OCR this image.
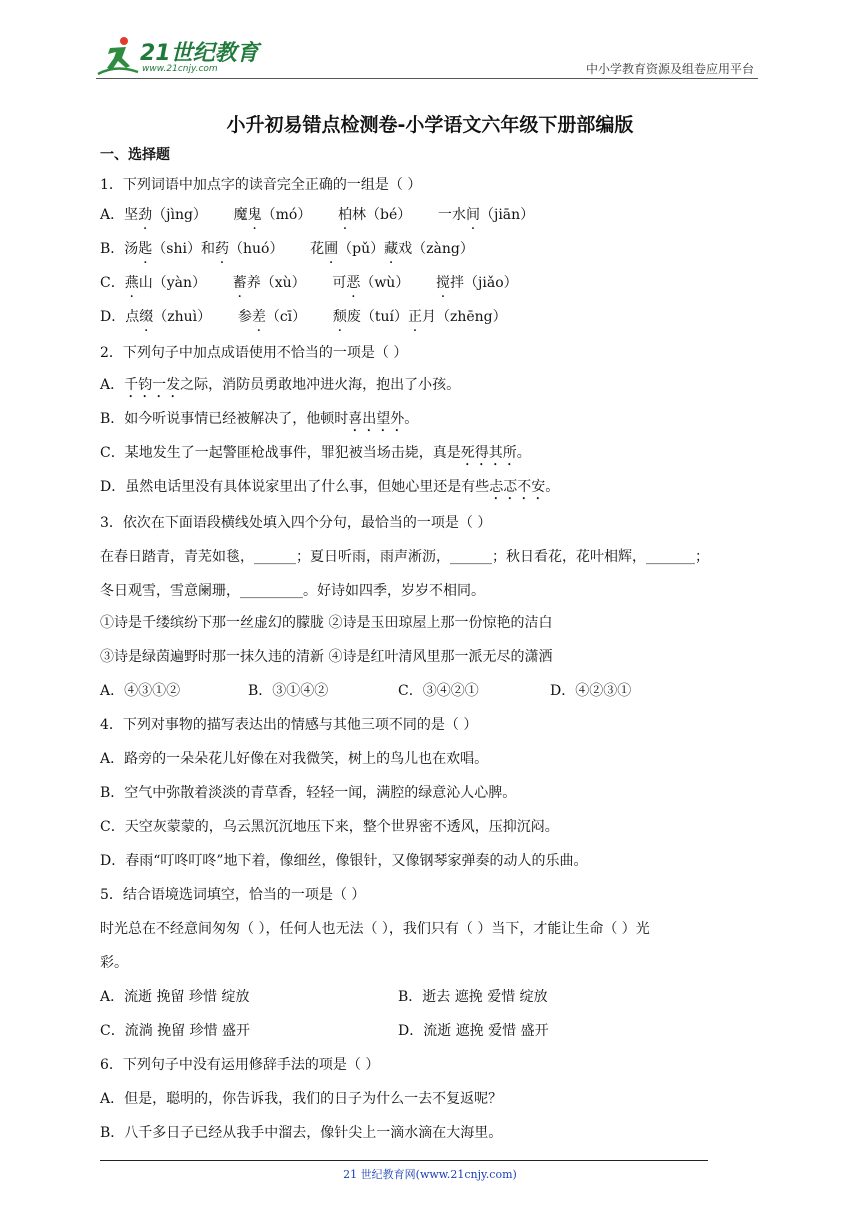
21世纪教育
www.21cnjy.com	中小学教育资源及组卷应用平台
小升初易错点检测卷-小学语文六年级下册部编版
一、选择题
1．下列词语中加点字的读音完全正确的一组是（ ）
A．坚劲（jìng）      魔鬼（mó）      柏林（bé）      一水间（jiān）
B．汤匙（shi）和药（huó）      花圃（pǔ）藏戏（zàng）
C．燕山（yàn）      蓄养（xù）      可恶（wù）      搅拌（jiǎo）
D．点缀（zhuì）      参差（cī）      颓废（tuí）正月（zhēng）
2．下列句子中加点成语使用不恰当的一项是（ ）
A．千钧一发之际，消防员勇敢地冲进火海，抱出了小孩。
B．如今听说事情已经被解决了，他顿时喜出望外。
C．某地发生了一起警匪枪战事件，罪犯被当场击毙，真是死得其所。
D．虽然电话里没有具体说家里出了什么事，但她心里还是有些忐忑不安。
3．依次在下面语段横线处填入四个分句，最恰当的一项是（ ）
在春日踏青，青芜如毯，______；夏日听雨，雨声淅沥，______；秋日看花，花叶相辉，_______；
冬日观雪，雪意阑珊，_________。好诗如四季，岁岁不相同。
①诗是千缕缤纷下那一丝虚幻的朦胧 ②诗是玉田琼屋上那一份惊艳的洁白
③诗是绿茵遍野时那一抹久违的清新 ④诗是红叶清风里那一派无尽的潇洒
A．④③①②	B．③①④②	C．③④②①	D．④②③①
4．下列对事物的描写表达出的情感与其他三项不同的是（ ）
A．路旁的一朵朵花儿好像在对我微笑，树上的鸟儿也在欢唱。
B．空气中弥散着淡淡的青草香，轻轻一闻，满腔的绿意沁人心脾。
C．天空灰蒙蒙的，乌云黑沉沉地压下来，整个世界密不透风，压抑沉闷。
D．春雨“叮咚叮咚”地下着，像细丝，像银针，又像钢琴家弹奏的动人的乐曲。
5．结合语境选词填空，恰当的一项是（ ）
时光总在不经意间匆匆（ ），任何人也无法（ ），我们只有（ ）当下，才能让生命（ ）光
彩。
A．流逝 挽留 珍惜 绽放	B．逝去 遮挽 爱惜 绽放
C．流淌 挽留 珍惜 盛开	D．流逝 遮挽 爱惜 盛开
6．下列句子中没有运用修辞手法的项是（ ）
A．但是，聪明的，你告诉我，我们的日子为什么一去不复返呢？
B．八千多日子已经从我手中溜去，像针尖上一滴水滴在大海里。
21 世纪教育网(www.21cnjy.com)
